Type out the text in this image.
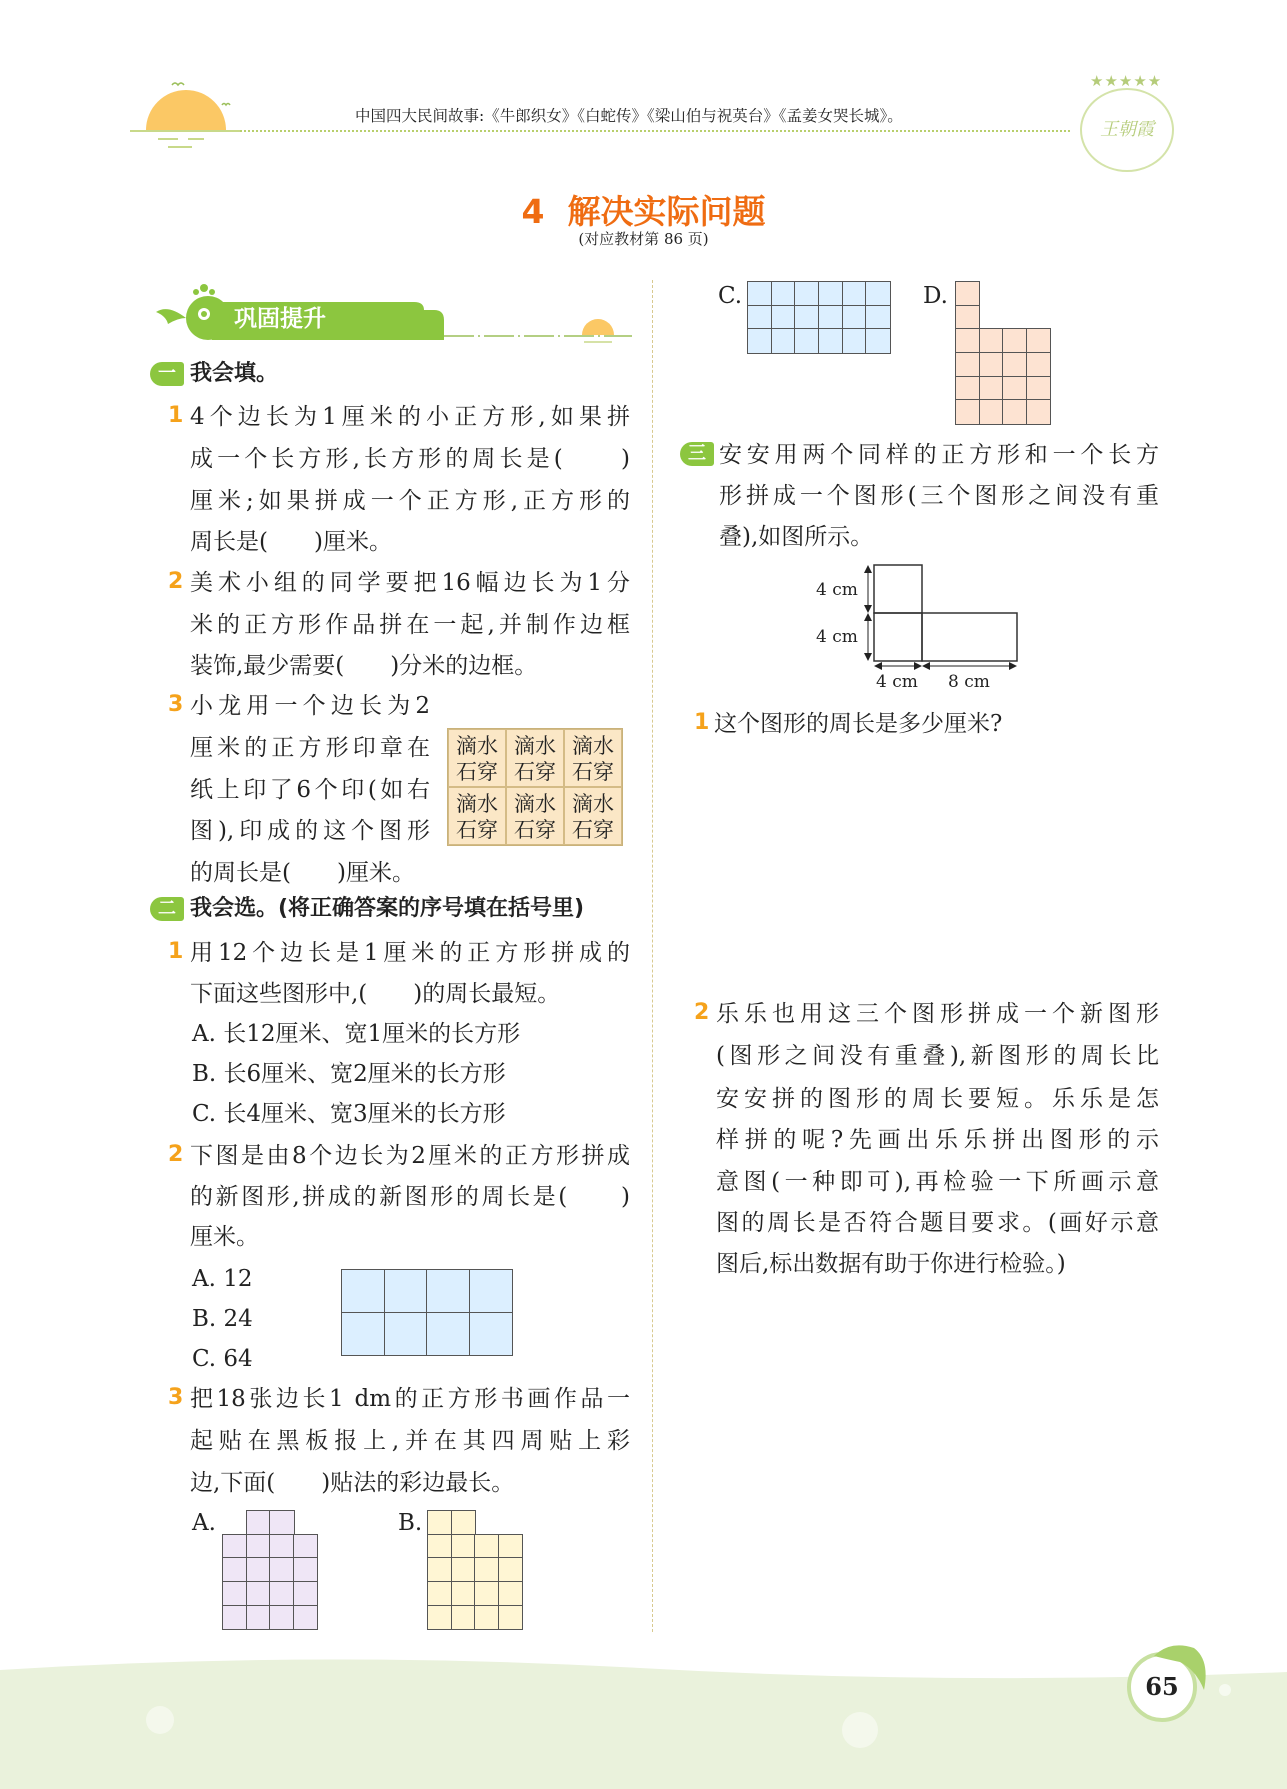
中国四大民间故事:《牛郎织女》《白蛇传》《梁山伯与祝英台》《孟姜女哭长城》。
王朝霞
★★★★★
4  解决实际问题
(对应教材第 86 页)
巩固提升
一 我会填。
1 4个边长为1厘米的小正方形,如果拼
成一个长方形,长方形的周长是(　　)
厘米;如果拼成一个正方形,正方形的
周长是(　　)厘米。
2 美术小组的同学要把16幅边长为1分
米的正方形作品拼在一起,并制作边框
装饰,最少需要(　　)分米的边框。
3 小龙用一个边长为2
厘米的正方形印章在
纸上印了6个印(如右
图),印成的这个图形
的周长是(　　)厘米。
滴水石穿
滴水石穿
滴水石穿
滴水石穿
滴水石穿
滴水石穿
二 我会选。(将正确答案的序号填在括号里)
1 用12个边长是1厘米的正方形拼成的
下面这些图形中,(　　)的周长最短。
A. 长12厘米、宽1厘米的长方形
B. 长6厘米、宽2厘米的长方形
C. 长4厘米、宽3厘米的长方形
2 下图是由8个边长为2厘米的正方形拼成
的新图形,拼成的新图形的周长是(　　)
厘米。
A. 12
B. 24
C. 64
3 把18张边长1 dm的正方形书画作品一
起贴在黑板报上,并在其四周贴上彩
边,下面(　　)贴法的彩边最长。
A.	B.
C.	D.
三 安安用两个同样的正方形和一个长方
形拼成一个图形(三个图形之间没有重
叠),如图所示。
4 cm
4 cm
4 cm 8 cm
1 这个图形的周长是多少厘米?
2 乐乐也用这三个图形拼成一个新图形
(图形之间没有重叠),新图形的周长比
安安拼的图形的周长要短。乐乐是怎
样拼的呢?先画出乐乐拼出图形的示
意图(一种即可),再检验一下所画示意
图的周长是否符合题目要求。(画好示意
图后,标出数据有助于你进行检验。)
65
